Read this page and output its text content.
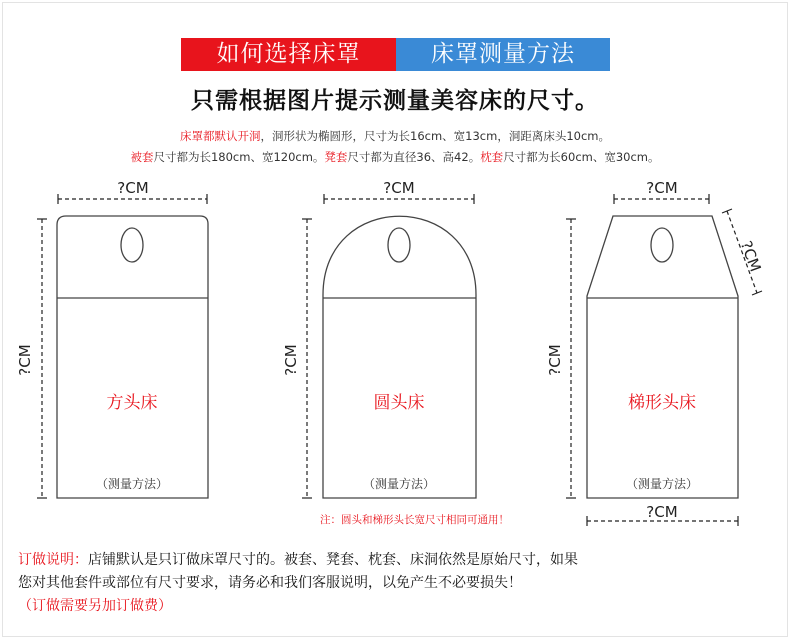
如何选择床罩	床罩测量方法
只需根据图片提示测量美容床的尺寸。
床罩都默认开洞，洞形状为椭圆形，尺寸为长16cm、宽13cm，洞距离床头10cm。
被套尺寸都为长180cm、宽120cm。凳套尺寸都为直径36、高42。枕套尺寸都为长60cm、宽30cm。
?CM
?CM
方头床
（测量方法）
?CM
?CM
圆头床
（测量方法）
?CM
?CM
?CM
梯形头床
（测量方法）
?CM
注：圆头和梯形头长宽尺寸相同可通用！
订做说明：店铺默认是只订做床罩尺寸的。被套、凳套、枕套、床洞依然是原始尺寸，如果
您对其他套件或部位有尺寸要求，请务必和我们客服说明，以免产生不必要损失！
（订做需要另加订做费）
